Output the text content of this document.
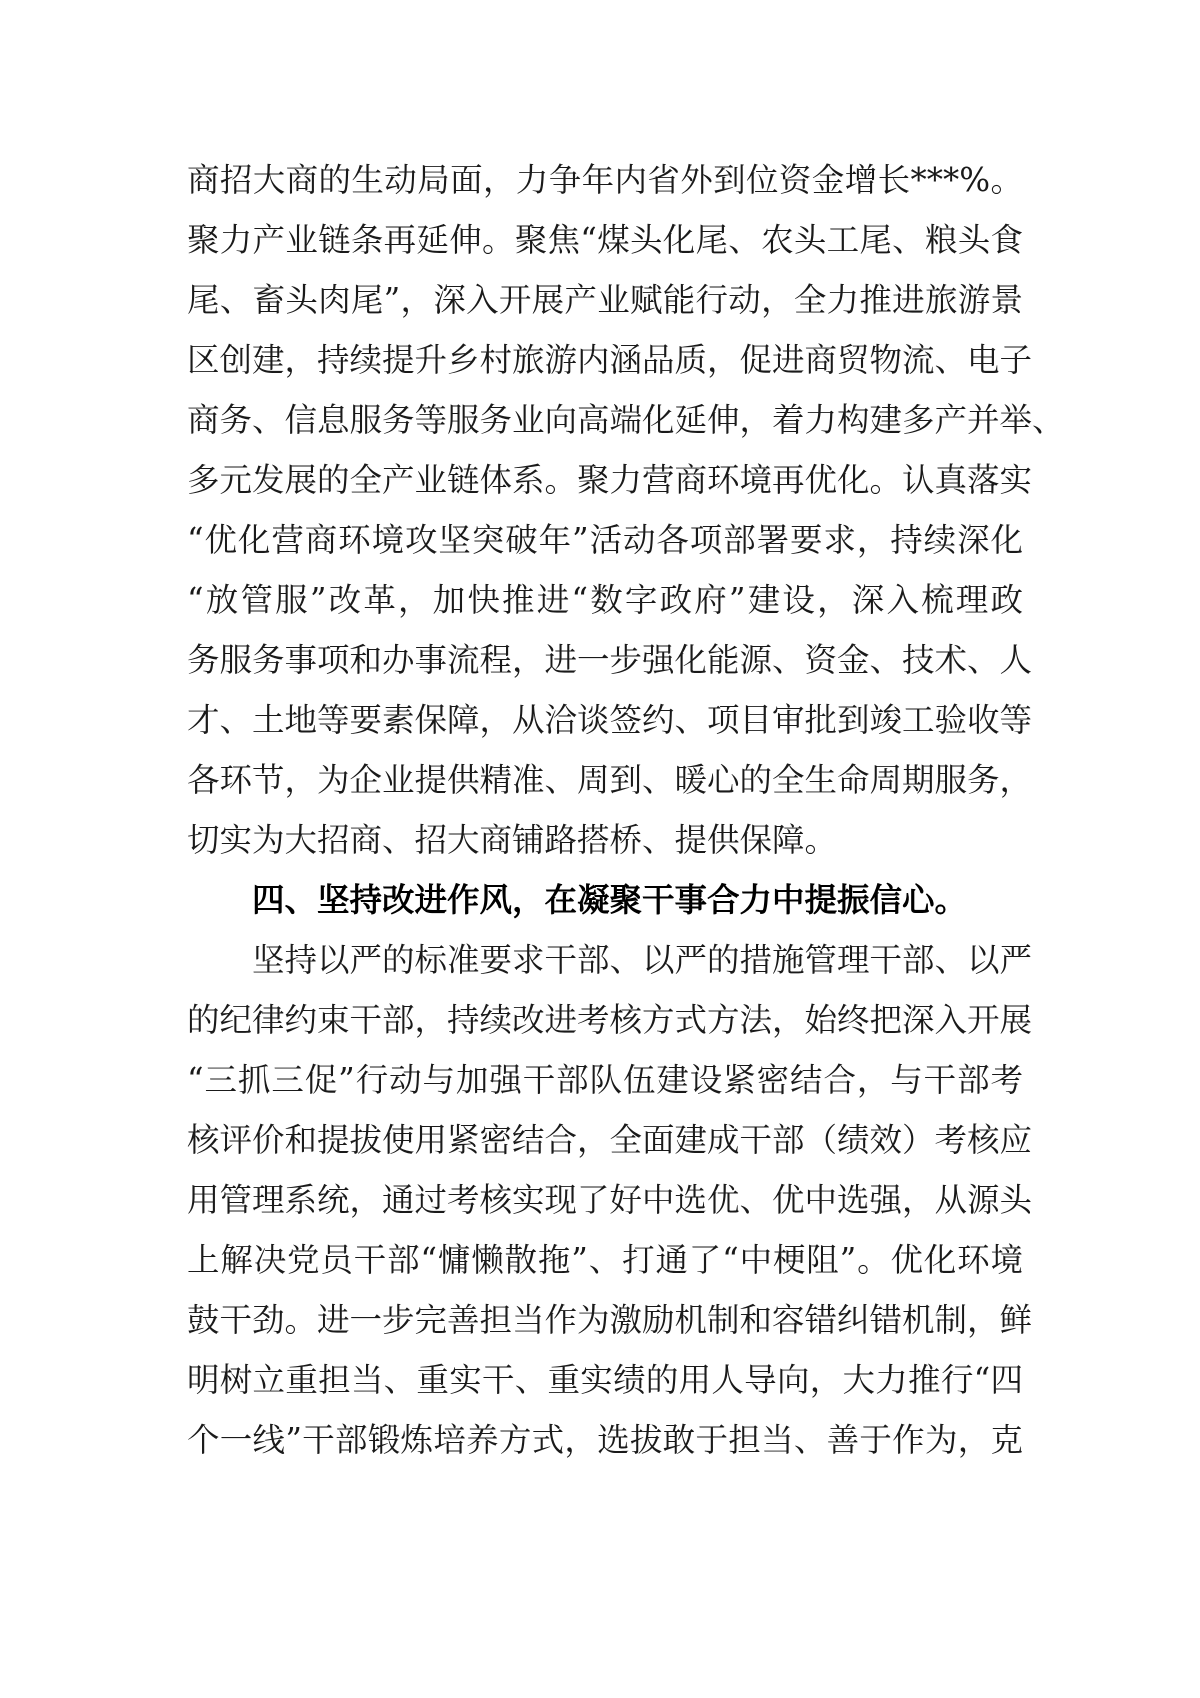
商招大商的生动局面，力争年内省外到位资金增长***%。
聚力产业链条再延伸。聚焦“煤头化尾、农头工尾、粮头食
尾、畜头肉尾”，深入开展产业赋能行动，全力推进旅游景
区创建，持续提升乡村旅游内涵品质，促进商贸物流、电子
商务、信息服务等服务业向高端化延伸，着力构建多产并举、
多元发展的全产业链体系。聚力营商环境再优化。认真落实
“优化营商环境攻坚突破年”活动各项部署要求，持续深化
“放管服”改革，加快推进“数字政府”建设，深入梳理政
务服务事项和办事流程，进一步强化能源、资金、技术、人
才、土地等要素保障，从洽谈签约、项目审批到竣工验收等
各环节，为企业提供精准、周到、暖心的全生命周期服务，
切实为大招商、招大商铺路搭桥、提供保障。
四、坚持改进作风，在凝聚干事合力中提振信心。
坚持以严的标准要求干部、以严的措施管理干部、以严
的纪律约束干部，持续改进考核方式方法，始终把深入开展
“三抓三促”行动与加强干部队伍建设紧密结合，与干部考
核评价和提拔使用紧密结合，全面建成干部（绩效）考核应
用管理系统，通过考核实现了好中选优、优中选强，从源头
上解决党员干部“慵懒散拖”、打通了“中梗阻”。优化环境
鼓干劲。进一步完善担当作为激励机制和容错纠错机制，鲜
明树立重担当、重实干、重实绩的用人导向，大力推行“四
个一线”干部锻炼培养方式，选拔敢于担当、善于作为，克
